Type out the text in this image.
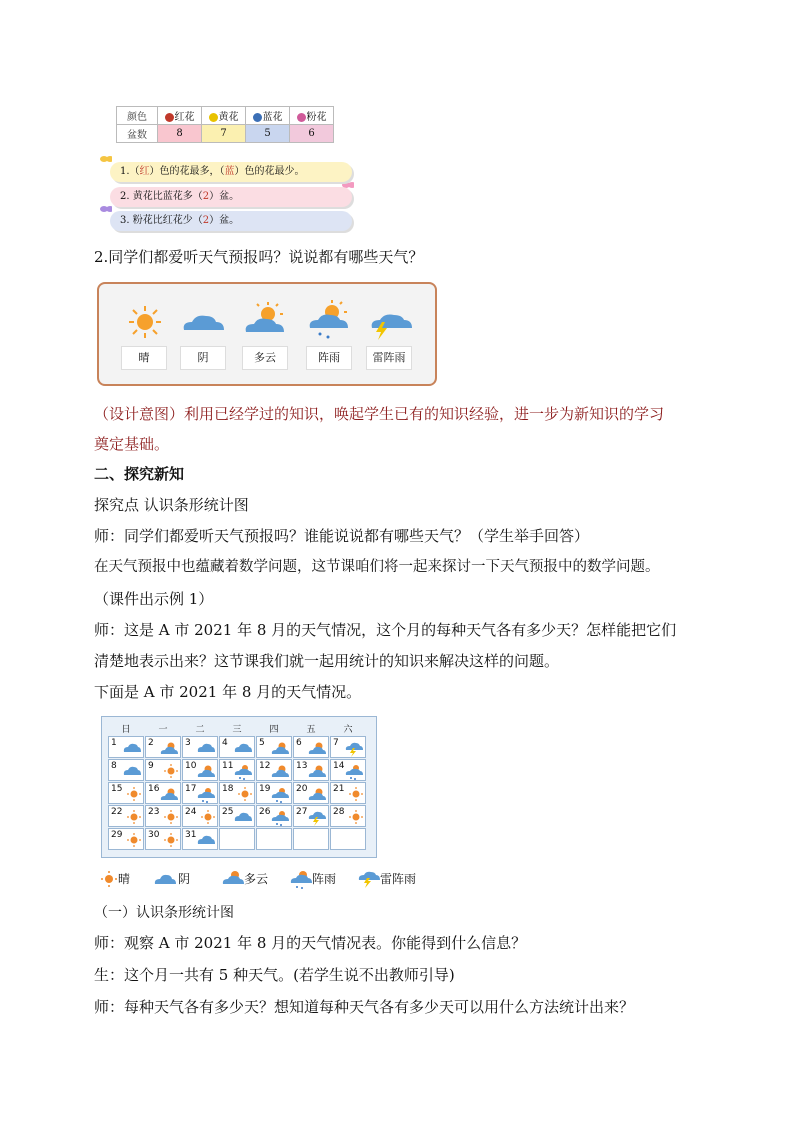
颜色	红花	黄花	蓝花	粉花
盆数	8	7	5	6
1.（红）色的花最多，（蓝）色的花最少。
2. 黄花比蓝花多（2）盆。
3. 粉花比红花少（2）盆。
2.同学们都爱听天气预报吗？说说都有哪些天气？
晴	阴	多云	阵雨	雷阵雨
（设计意图）利用已经学过的知识，唤起学生已有的知识经验，进一步为新知识的学习
奠定基础。
二、探究新知
探究点 认识条形统计图
师：同学们都爱听天气预报吗？谁能说说都有哪些天气？（学生举手回答）
在天气预报中也蕴藏着数学问题，这节课咱们将一起来探讨一下天气预报中的数学问题。
（课件出示例 1）
师：这是 A 市 2021 年 8 月的天气情况，这个月的每种天气各有多少天？怎样能把它们
清楚地表示出来？这节课我们就一起用统计的知识来解决这样的问题。
下面是 A 市 2021 年 8 月的天气情况。
日	一	二	三	四	五	六
1	2	3	4	5	6	7
8	9	10	11	12	13	14
15	16	17	18	19	20	21
22	23	24	25	26	27	28
29	30	31
晴	阴	多云	阵雨	雷阵雨
（一）认识条形统计图
师：观察 A 市 2021 年 8 月的天气情况表。你能得到什么信息？
生：这个月一共有 5 种天气。(若学生说不出教师引导)
师：每种天气各有多少天？想知道每种天气各有多少天可以用什么方法统计出来？
